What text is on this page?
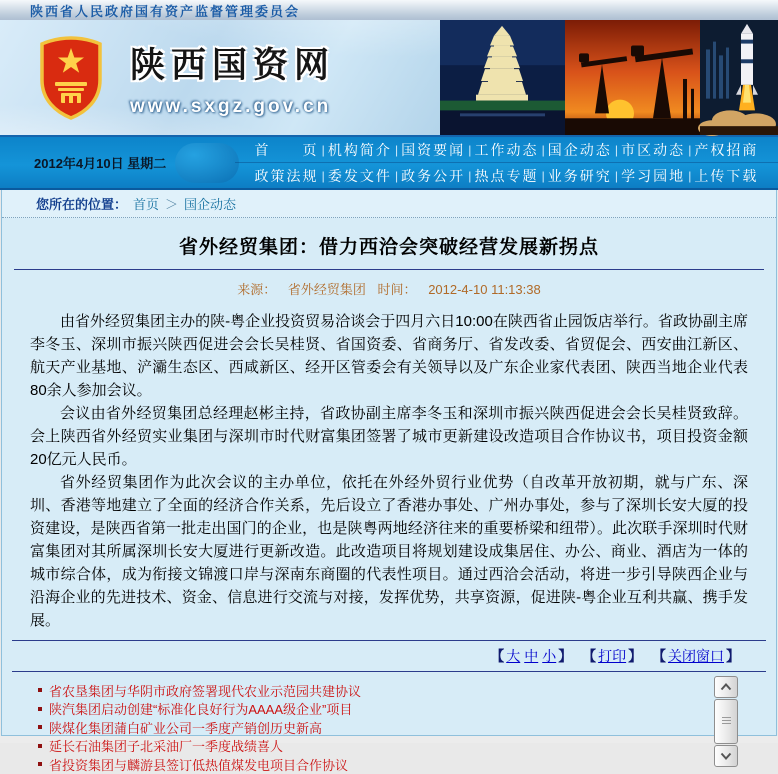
陕西省人民政府国有资产监督管理委员会
陕西国资网
www.sxgz.gov.cn
2012年4月10日 星期二
首　　页 | 机构简介 | 国资要闻 | 工作动态 | 国企动态 | 市区动态 | 产权招商
政策法规 | 委发文件 | 政务公开 | 热点专题 | 业务研究 | 学习园地 | 上传下载
您所在的位置： 首页 ＞ 国企动态
省外经贸集团：借力西洽会突破经营发展新拐点
来源： 省外经贸集团 时间： 2012-4-10 11:13:38

由省外经贸集团主办的陕-粤企业投资贸易洽谈会于四月六日10:00在陕西省止园饭店举行。省政协副主席李冬玉、深圳市振兴陕西促进会会长吴桂贤、省国资委、省商务厅、省发改委、省贸促会、西安曲江新区、航天产业基地、浐灞生态区、西咸新区、经开区管委会有关领导以及广东企业家代表团、陕西当地企业代表80余人参加会议。

会议由省外经贸集团总经理赵彬主持，省政协副主席李冬玉和深圳市振兴陕西促进会会长吴桂贤致辞。会上陕西省外经贸实业集团与深圳市时代财富集团签署了城市更新建设改造项目合作协议书，项目投资金额20亿元人民币。

省外经贸集团作为此次会议的主办单位，依托在外经外贸行业优势（自改革开放初期，就与广东、深圳、香港等地建立了全面的经济合作关系，先后设立了香港办事处、广州办事处，参与了深圳长安大厦的投资建设，是陕西省第一批走出国门的企业，也是陕粤两地经济往来的重要桥梁和纽带）。此次联手深圳时代财富集团对其所属深圳长安大厦进行更新改造。此改造项目将规划建设成集居住、办公、商业、酒店为一体的城市综合体，成为衔接文锦渡口岸与深南东商圈的代表性项目。通过西洽会活动，将进一步引导陕西企业与沿海企业的先进技术、资金、信息进行交流与对接，发挥优势，共享资源，促进陕-粤企业互利共赢、携手发展。

【 大 中 小 】 【 打印 】 【 关闭窗口 】
省农垦集团与华阴市政府签署现代农业示范园共建协议
陕汽集团启动创建“标准化良好行为AAAA级企业”项目
陕煤化集团蒲白矿业公司一季度产销创历史新高
延长石油集团子北采油厂一季度战绩喜人
省投资集团与麟游县签订低热值煤发电项目合作协议
